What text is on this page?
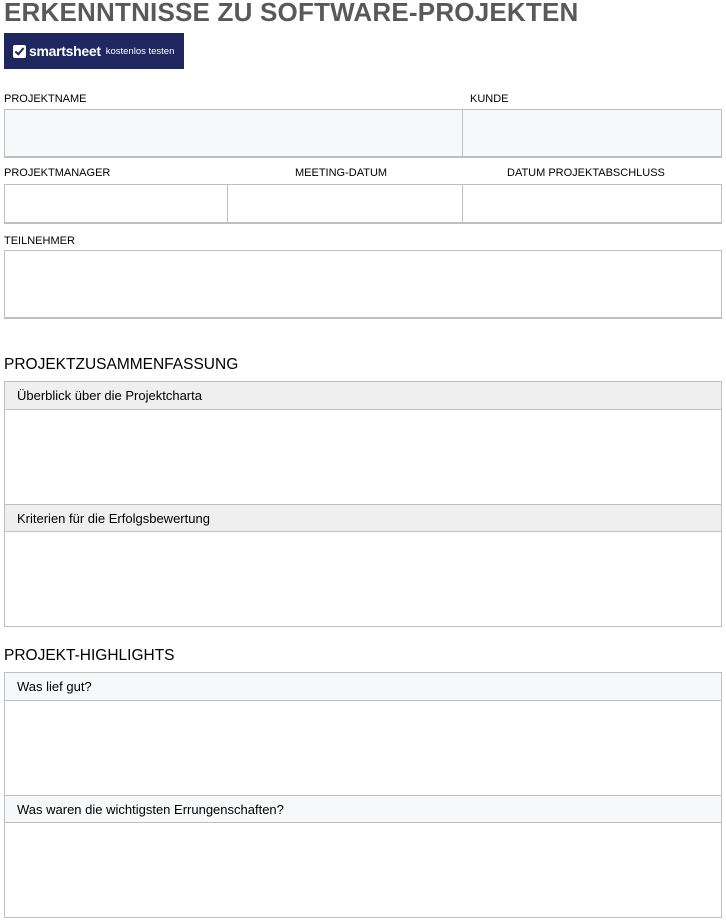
ERKENNTNISSE ZU SOFTWARE-PROJEKTEN
smartsheet kostenlos testen
PROJEKTNAME	KUNDE
PROJEKTMANAGER	MEETING-DATUM	DATUM PROJEKTABSCHLUSS
TEILNEHMER
PROJEKTZUSAMMENFASSUNG
Überblick über die Projektcharta
Kriterien für die Erfolgsbewertung
PROJEKT-HIGHLIGHTS
Was lief gut?
Was waren die wichtigsten Errungenschaften?
